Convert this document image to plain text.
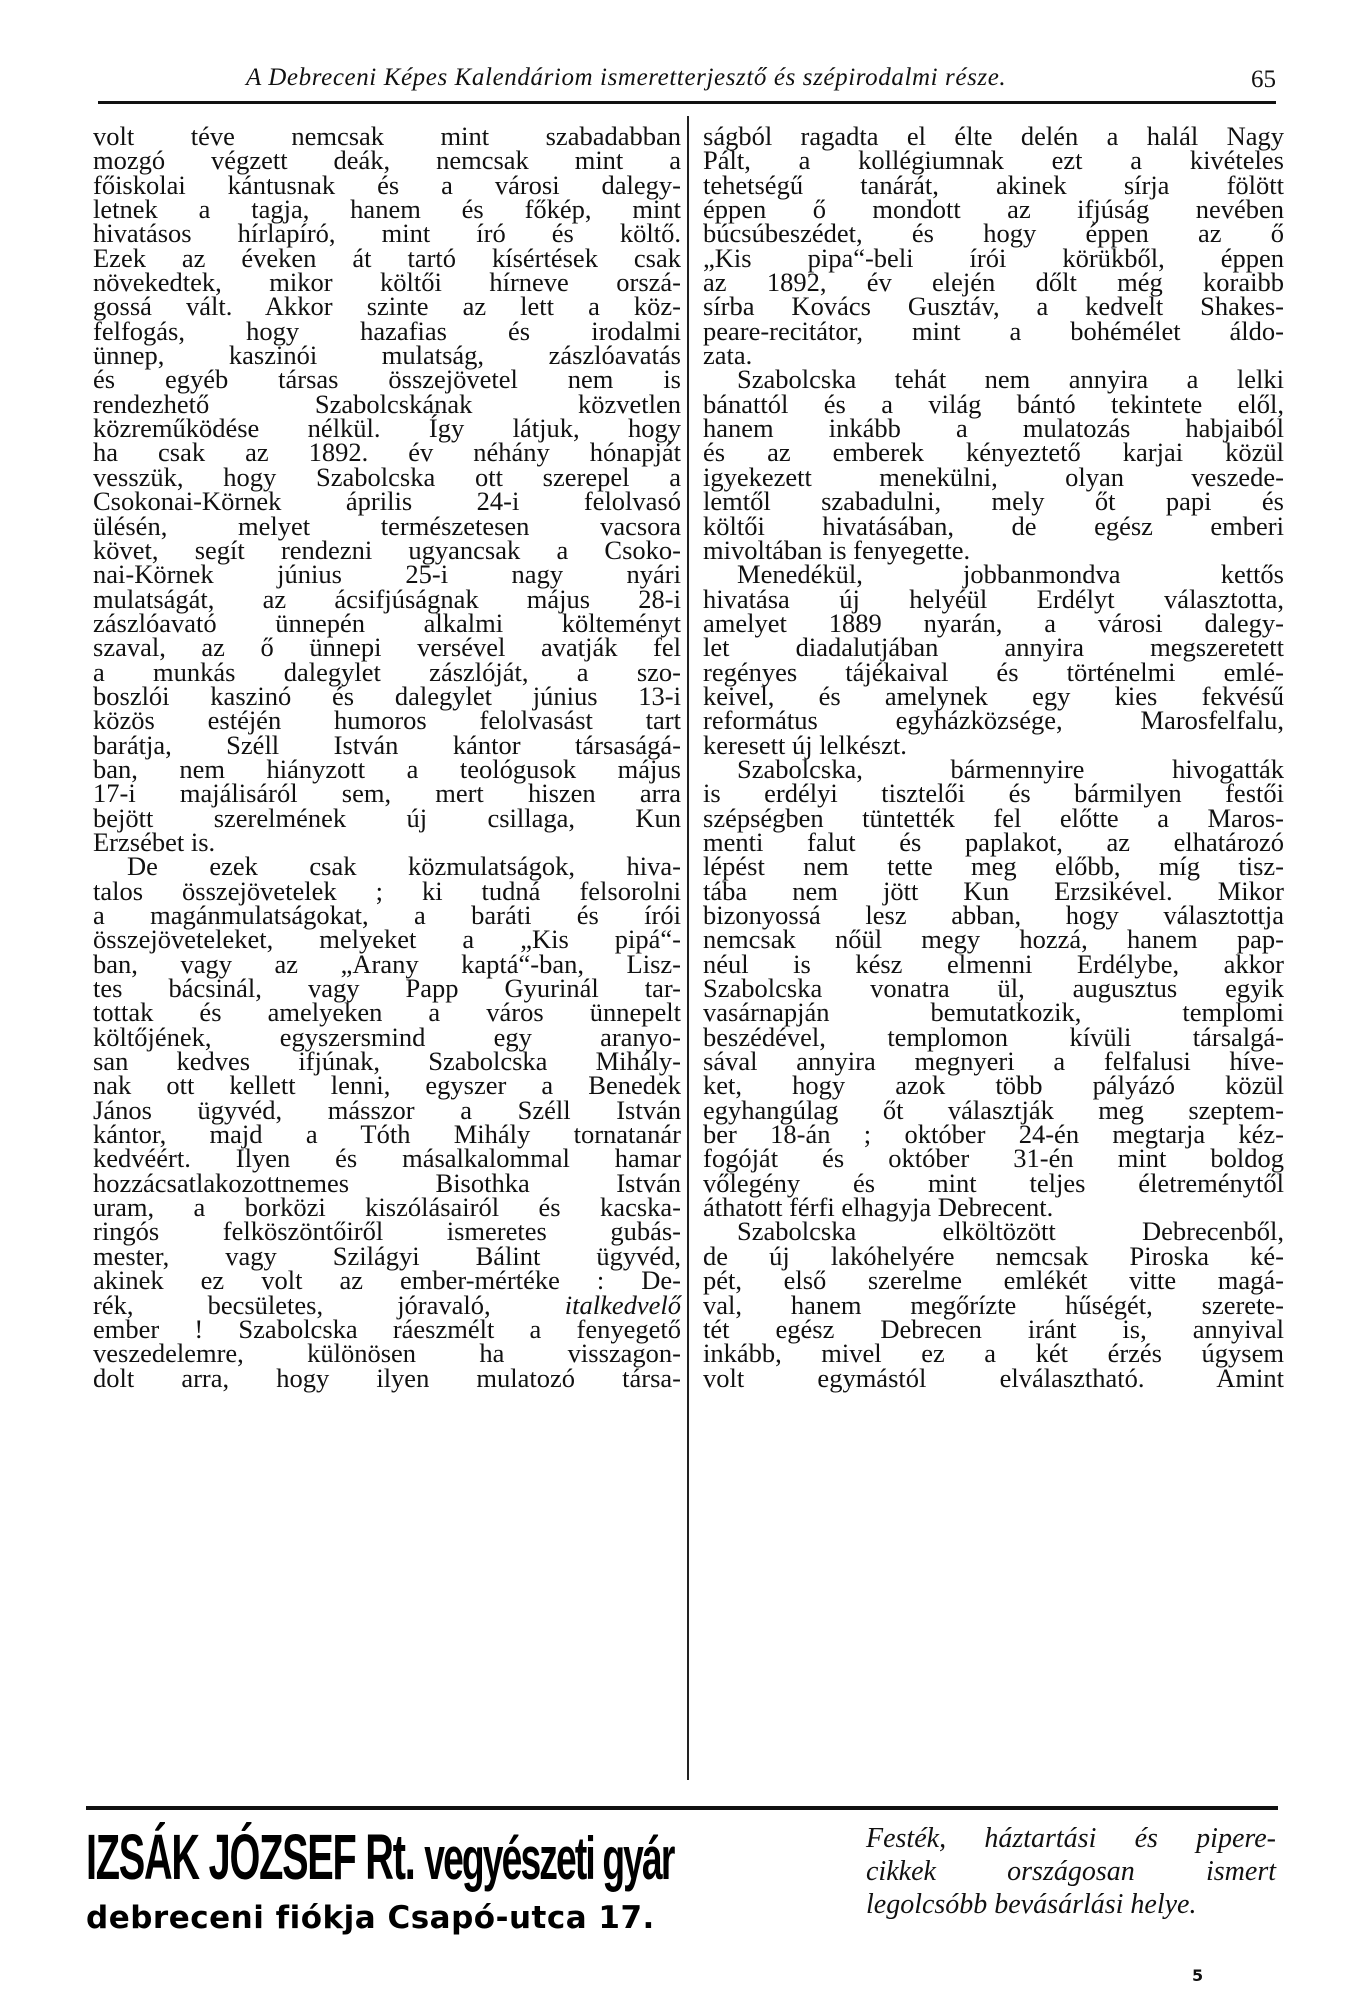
A Debreceni Képes Kalendáriom ismeretterjesztő és szépirodalmi része.	65
volt téve nemcsak mint szabadabban
mozgó végzett deák, nemcsak mint a
főiskolai kántusnak és a városi dalegy-
letnek a tagja, hanem és főkép, mint
hivatásos hírlapíró, mint író és költő.
Ezek az éveken át tartó kísértések csak
növekedtek, mikor költői hírneve orszá-
gossá vált. Akkor szinte az lett a köz-
felfogás, hogy hazafias és irodalmi
ünnep, kaszinói mulatság, zászlóavatás
és egyéb társas összejövetel nem is
rendezhető Szabolcskának közvetlen
közreműködése nélkül. Így látjuk, hogy
ha csak az 1892. év néhány hónapját
vesszük, hogy Szabolcska ott szerepel a
Csokonai-Körnek április 24-i felolvasó
ülésén, melyet természetesen vacsora
követ, segít rendezni ugyancsak a Csoko-
nai-Körnek június 25-i nagy nyári
mulatságát, az ácsifjúságnak május 28-i
zászlóavató ünnepén alkalmi költeményt
szaval, az ő ünnepi versével avatják fel
a munkás dalegylet zászlóját, a szo-
boszlói kaszinó és dalegylet június 13-i
közös estéjén humoros felolvasást tart
barátja, Széll István kántor társaságá-
ban, nem hiányzott a teológusok május
17-i majálisáról sem, mert hiszen arra
bejött szerelmének új csillaga, Kun
Erzsébet is.
De ezek csak közmulatságok, hiva-
talos összejövetelek ; ki tudná felsorolni
a magánmulatságokat, a baráti és írói
összejöveteleket, melyeket a „Kis pipá“-
ban, vagy az „Arany kaptá“-ban, Lisz-
tes bácsinál, vagy Papp Gyurinál tar-
tottak és amelyeken a város ünnepelt
költőjének, egyszersmind egy aranyo-
san kedves ifjúnak, Szabolcska Mihály-
nak ott kellett lenni, egyszer a Benedek
János ügyvéd, másszor a Széll István
kántor, majd a Tóth Mihály tornatanár
kedvéért. Ilyen és másalkalommal hamar
hozzácsatlakozottnemes Bisothka István
uram, a borközi kiszólásairól és kacska-
ringós felköszöntőiről ismeretes gubás-
mester, vagy Szilágyi Bálint ügyvéd,
akinek ez volt az ember-mértéke : De-
rék, becsületes, jóravaló,	italkedvelő
ember ! Szabolcska ráeszmélt a fenyegető
veszedelemre, különösen ha visszagon-
dolt arra, hogy ilyen mulatozó társa-
ságból ragadta el élte delén a halál Nagy
Pált, a kollégiumnak ezt a kivételes
tehetségű tanárát, akinek sírja fölött
éppen ő mondott az ifjúság nevében
búcsúbeszédet, és hogy éppen az ő
„Kis pipa“-beli írói körükből, éppen
az 1892, év elején dőlt még koraibb
sírba Kovács Gusztáv, a kedvelt Shakes-
peare-recitátor, mint a bohémélet áldo-
zata.
Szabolcska tehát nem annyira a lelki
bánattól és a világ bántó tekintete elől,
hanem inkább a mulatozás habjaiból
és az emberek kényeztető karjai közül
igyekezett menekülni, olyan veszede-
lemtől szabadulni, mely őt papi és
költői hivatásában, de egész emberi
mivoltában is fenyegette.
Menedékül, jobbanmondva kettős
hivatása új helyéül Erdélyt választotta,
amelyet 1889 nyarán, a városi dalegy-
let diadalutjában annyira megszeretett
regényes tájékaival és történelmi emlé-
keivel, és amelynek egy kies fekvésű
református egyházközsége, Marosfelfalu,
keresett új lelkészt.
Szabolcska, bármennyire hivogatták
is erdélyi tisztelői és bármilyen festői
szépségben tüntették fel előtte a Maros-
menti falut és paplakot, az elhatározó
lépést nem tette meg előbb, míg tisz-
tába nem jött Kun Erzsikével. Mikor
bizonyossá lesz abban, hogy választottja
nemcsak nőül megy hozzá, hanem pap-
néul is kész elmenni Erdélybe, akkor
Szabolcska vonatra ül, augusztus egyik
vasárnapján bemutatkozik, templomi
beszédével, templomon kívüli társalgá-
sával annyira megnyeri a felfalusi híve-
ket, hogy azok több pályázó közül
egyhangúlag őt választják meg szeptem-
ber 18-án ; október 24-én megtarja kéz-
fogóját és október 31-én mint boldog
vőlegény és mint teljes életreménytől
áthatott férfi elhagyja Debrecent.
Szabolcska elköltözött Debrecenből,
de új lakóhelyére nemcsak Piroska ké-
pét, első szerelme emlékét vitte magá-
val, hanem megőrízte hűségét, szerete-
tét egész Debrecen iránt is, annyival
inkább, mivel ez a két érzés úgysem
volt egymástól elválasztható. Amint
IZSÁK JÓZSEF Rt. vegyészeti gyár
debreceni fiókja Csapó-utca 17.
Festék, háztartási és pipere-
cikkek országosan ismert
legolcsóbb bevásárlási helye.
5
